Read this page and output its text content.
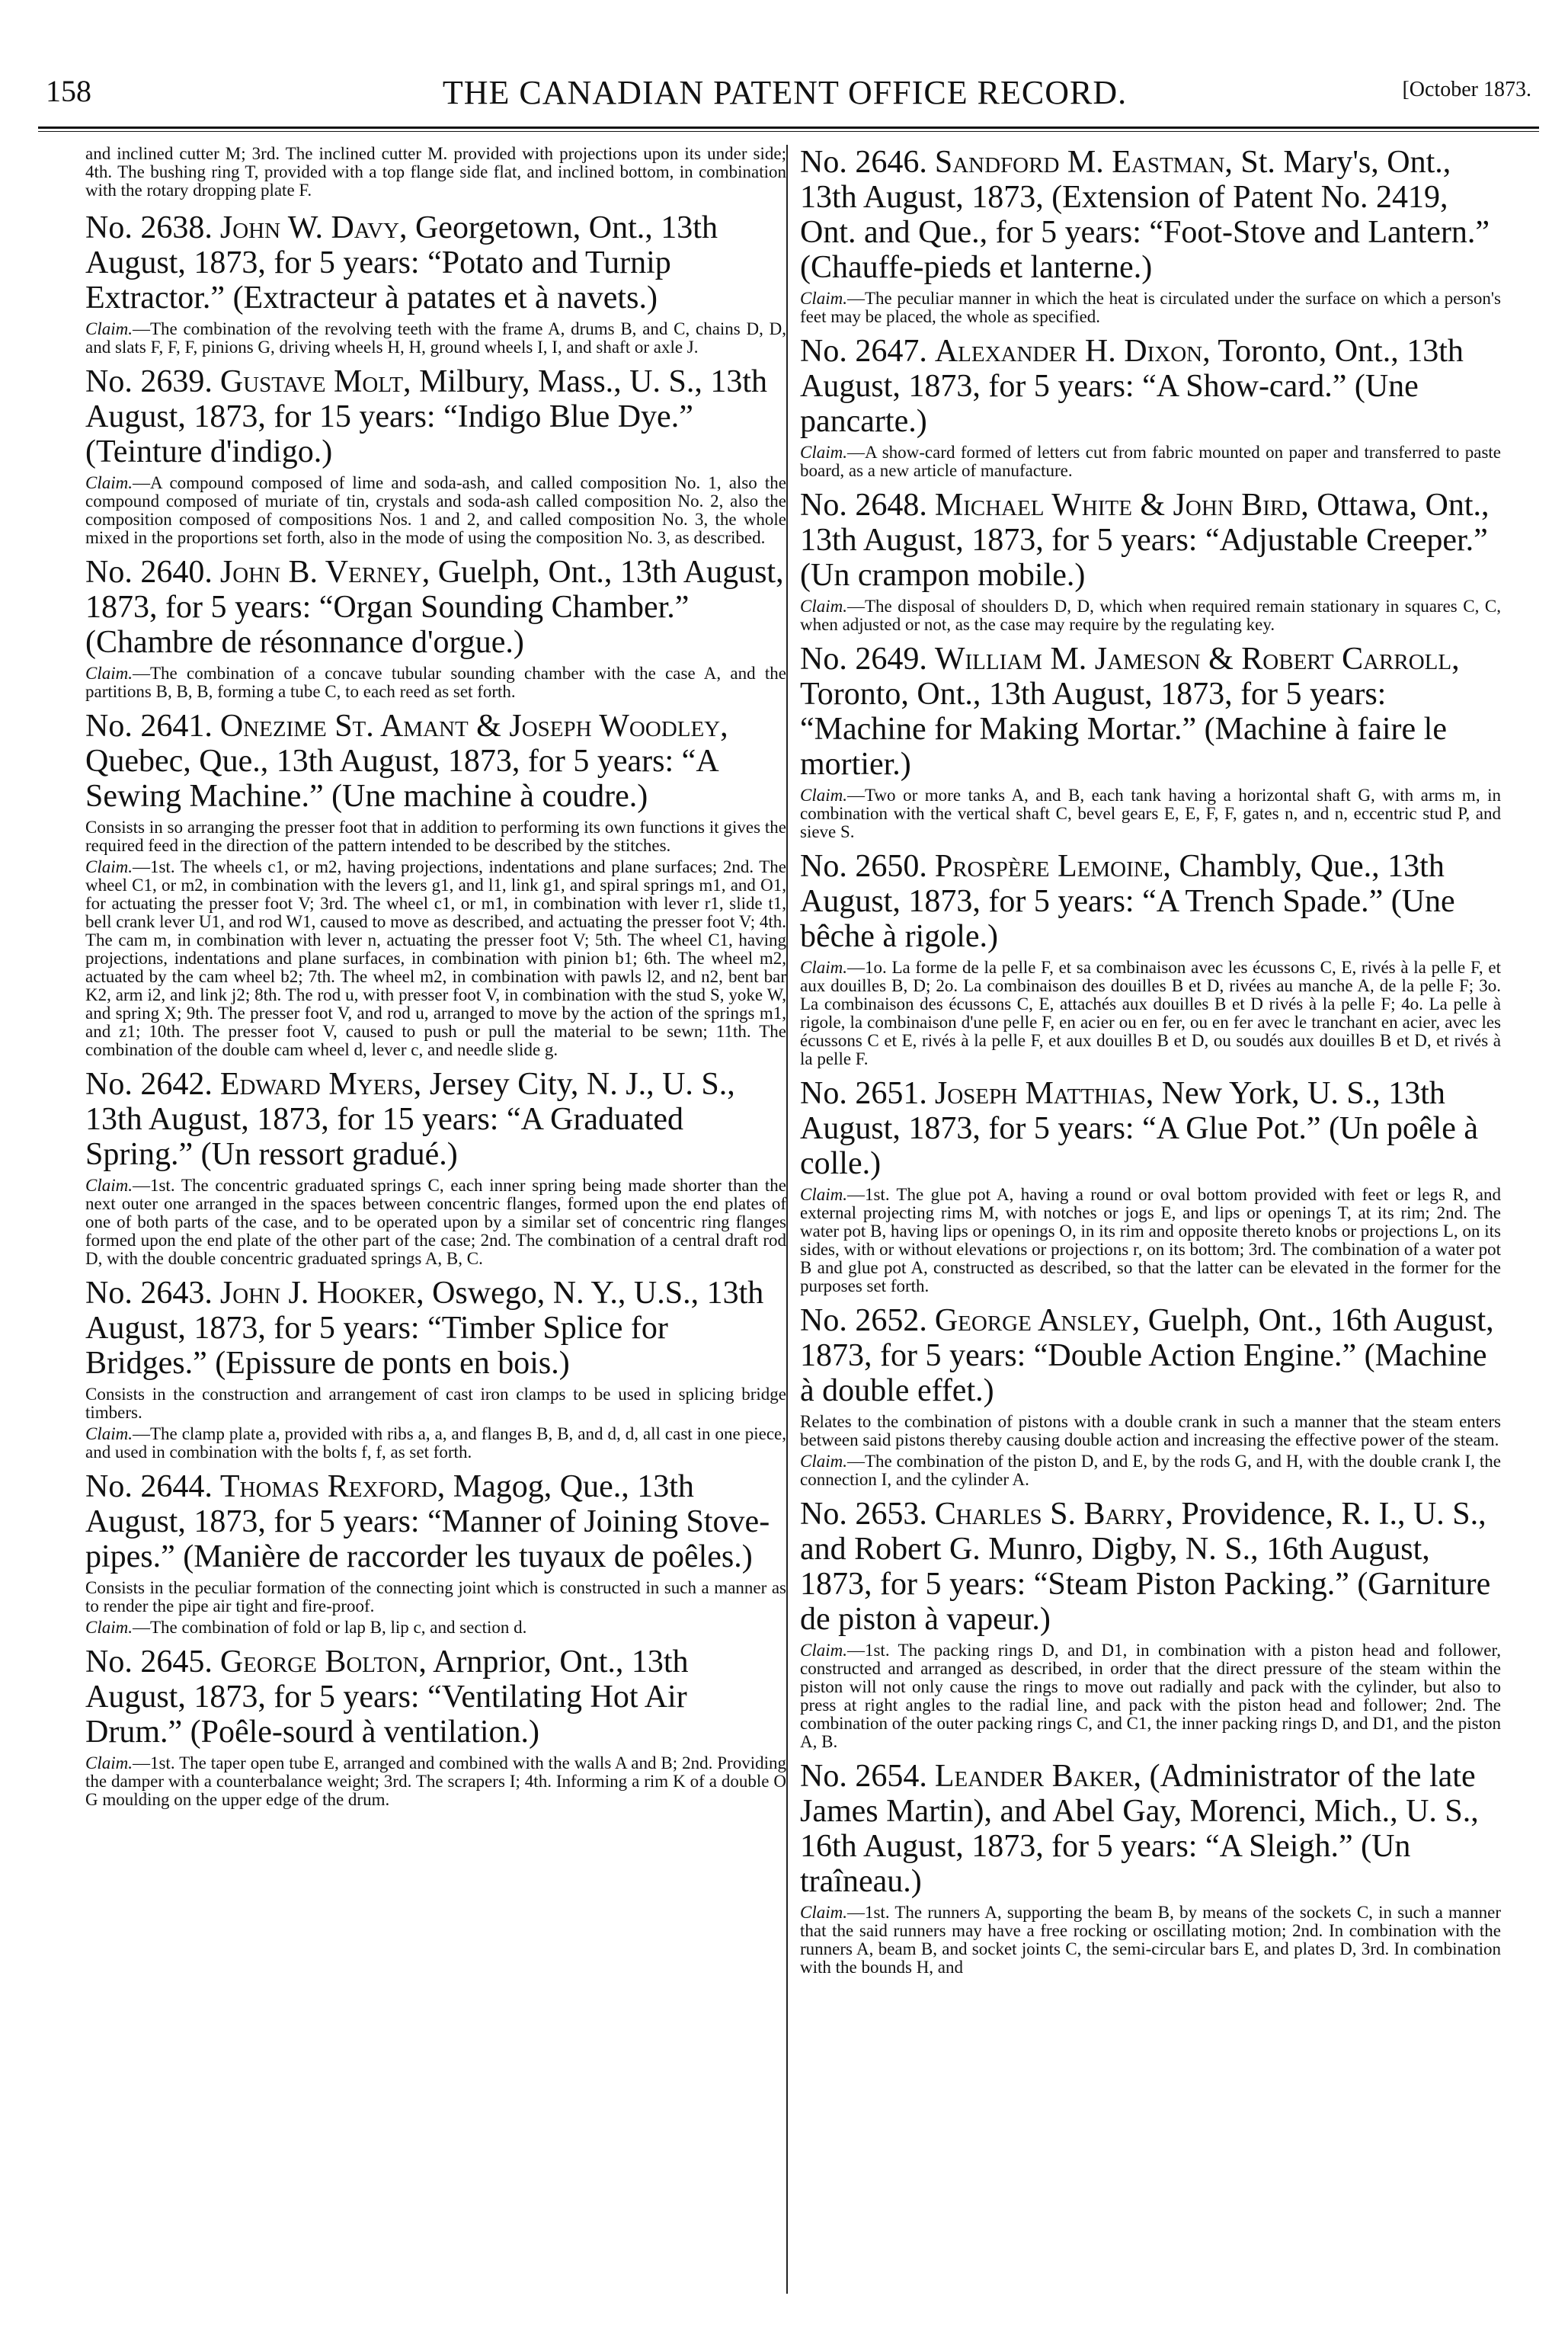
158	THE CANADIAN PATENT OFFICE RECORD.	[October 1873.

and inclined cutter M; 3rd. The inclined cutter M. provided with projections upon its under side; 4th. The bushing ring T, provided with a top flange side flat, and inclined bottom, in combination with the rotary dropping plate F.

No. 2638. John W. Davy, Georgetown, Ont., 13th August, 1873, for 5 years: “Potato and Turnip Extractor.” (Extracteur à patates et à navets.)

Claim.—The combination of the revolving teeth with the frame A, drums B, and C, chains D, D, and slats F, F, F, pinions G, driving wheels H, H, ground wheels I, I, and shaft or axle J.

No. 2639. Gustave Molt, Milbury, Mass., U. S., 13th August, 1873, for 15 years: “Indigo Blue Dye.” (Teinture d'indigo.)

Claim.—A compound composed of lime and soda-ash, and called composition No. 1, also the compound composed of muriate of tin, crystals and soda-ash called composition No. 2, also the composition composed of compositions Nos. 1 and 2, and called composition No. 3, the whole mixed in the proportions set forth, also in the mode of using the composition No. 3, as described.

No. 2640. John B. Verney, Guelph, Ont., 13th August, 1873, for 5 years: “Organ Sounding Chamber.” (Chambre de résonnance d'orgue.)

Claim.—The combination of a concave tubular sounding chamber with the case A, and the partitions B, B, B, forming a tube C, to each reed as set forth.

No. 2641. Onezime St. Amant & Joseph Woodley, Quebec, Que., 13th August, 1873, for 5 years: “A Sewing Machine.” (Une machine à coudre.)

Consists in so arranging the presser foot that in addition to performing its own functions it gives the required feed in the direction of the pattern intended to be described by the stitches.

Claim.—1st. The wheels c1, or m2, having projections, indentations and plane surfaces; 2nd. The wheel C1, or m2, in combination with the levers g1, and l1, link g1, and spiral springs m1, and O1, for actuating the presser foot V; 3rd. The wheel c1, or m1, in combination with lever r1, slide t1, bell crank lever U1, and rod W1, caused to move as described, and actuating the presser foot V; 4th. The cam m, in combination with lever n, actuating the presser foot V; 5th. The wheel C1, having projections, indentations and plane surfaces, in combination with pinion b1; 6th. The wheel m2, actuated by the cam wheel b2; 7th. The wheel m2, in combination with pawls l2, and n2, bent bar K2, arm i2, and link j2; 8th. The rod u, with presser foot V, in combination with the stud S, yoke W, and spring X; 9th. The presser foot V, and rod u, arranged to move by the action of the springs m1, and z1; 10th. The presser foot V, caused to push or pull the material to be sewn; 11th. The combination of the double cam wheel d, lever c, and needle slide g.

No. 2642. Edward Myers, Jersey City, N. J., U. S., 13th August, 1873, for 15 years: “A Graduated Spring.” (Un ressort gradué.)

Claim.—1st. The concentric graduated springs C, each inner spring being made shorter than the next outer one arranged in the spaces between concentric flanges, formed upon the end plates of one of both parts of the case, and to be operated upon by a similar set of concentric ring flanges formed upon the end plate of the other part of the case; 2nd. The combination of a central draft rod D, with the double concentric graduated springs A, B, C.

No. 2643. John J. Hooker, Oswego, N. Y., U.S., 13th August, 1873, for 5 years: “Timber Splice for Bridges.” (Epissure de ponts en bois.)

Consists in the construction and arrangement of cast iron clamps to be used in splicing bridge timbers.

Claim.—The clamp plate a, provided with ribs a, a, and flanges B, B, and d, d, all cast in one piece, and used in combination with the bolts f, f, as set forth.

No. 2644. Thomas Rexford, Magog, Que., 13th August, 1873, for 5 years: “Manner of Joining Stove-pipes.” (Manière de raccorder les tuyaux de poêles.)

Consists in the peculiar formation of the connecting joint which is constructed in such a manner as to render the pipe air tight and fire-proof.

Claim.—The combination of fold or lap B, lip c, and section d.

No. 2645. George Bolton, Arnprior, Ont., 13th August, 1873, for 5 years: “Ventilating Hot Air Drum.” (Poêle-sourd à ventilation.)

Claim.—1st. The taper open tube E, arranged and combined with the walls A and B; 2nd. Providing the damper with a counterbalance weight; 3rd. The scrapers I; 4th. Informing a rim K of a double O G moulding on the upper edge of the drum.

No. 2646. Sandford M. Eastman, St. Mary's, Ont., 13th August, 1873, (Extension of Patent No. 2419, Ont. and Que., for 5 years: “Foot-Stove and Lantern.” (Chauffe-pieds et lanterne.)

Claim.—The peculiar manner in which the heat is circulated under the surface on which a person's feet may be placed, the whole as specified.

No. 2647. Alexander H. Dixon, Toronto, Ont., 13th August, 1873, for 5 years: “A Show-card.” (Une pancarte.)

Claim.—A show-card formed of letters cut from fabric mounted on paper and transferred to paste board, as a new article of manufacture.

No. 2648. Michael White & John Bird, Ottawa, Ont., 13th August, 1873, for 5 years: “Adjustable Creeper.” (Un crampon mobile.)

Claim.—The disposal of shoulders D, D, which when required remain stationary in squares C, C, when adjusted or not, as the case may require by the regulating key.

No. 2649. William M. Jameson & Robert Carroll, Toronto, Ont., 13th August, 1873, for 5 years: “Machine for Making Mortar.” (Machine à faire le mortier.)

Claim.—Two or more tanks A, and B, each tank having a horizontal shaft G, with arms m, in combination with the vertical shaft C, bevel gears E, E, F, F, gates n, and n, eccentric stud P, and sieve S.

No. 2650. Prospère Lemoine, Chambly, Que., 13th August, 1873, for 5 years: “A Trench Spade.” (Une bêche à rigole.)

Claim.—1o. La forme de la pelle F, et sa combinaison avec les écussons C, E, rivés à la pelle F, et aux douilles B, D; 2o. La combinaison des douilles B et D, rivées au manche A, de la pelle F; 3o. La combinaison des écussons C, E, attachés aux douilles B et D rivés à la pelle F; 4o. La pelle à rigole, la combinaison d'une pelle F, en acier ou en fer, ou en fer avec le tranchant en acier, avec les écussons C et E, rivés à la pelle F, et aux douilles B et D, ou soudés aux douilles B et D, et rivés à la pelle F.

No. 2651. Joseph Matthias, New York, U. S., 13th August, 1873, for 5 years: “A Glue Pot.” (Un poêle à colle.)

Claim.—1st. The glue pot A, having a round or oval bottom provided with feet or legs R, and external projecting rims M, with notches or jogs E, and lips or openings T, at its rim; 2nd. The water pot B, having lips or openings O, in its rim and opposite thereto knobs or projections L, on its sides, with or without elevations or projections r, on its bottom; 3rd. The combination of a water pot B and glue pot A, constructed as described, so that the latter can be elevated in the former for the purposes set forth.

No. 2652. George Ansley, Guelph, Ont., 16th August, 1873, for 5 years: “Double Action Engine.” (Machine à double effet.)

Relates to the combination of pistons with a double crank in such a manner that the steam enters between said pistons thereby causing double action and increasing the effective power of the steam.

Claim.—The combination of the piston D, and E, by the rods G, and H, with the double crank I, the connection I, and the cylinder A.

No. 2653. Charles S. Barry, Providence, R. I., U. S., and Robert G. Munro, Digby, N. S., 16th August, 1873, for 5 years: “Steam Piston Packing.” (Garniture de piston à vapeur.)

Claim.—1st. The packing rings D, and D1, in combination with a piston head and follower, constructed and arranged as described, in order that the direct pressure of the steam within the piston will not only cause the rings to move out radially and pack with the cylinder, but also to press at right angles to the radial line, and pack with the piston head and follower; 2nd. The combination of the outer packing rings C, and C1, the inner packing rings D, and D1, and the piston A, B.

No. 2654. Leander Baker, (Administrator of the late James Martin), and Abel Gay, Morenci, Mich., U. S., 16th August, 1873, for 5 years: “A Sleigh.” (Un traîneau.)

Claim.—1st. The runners A, supporting the beam B, by means of the sockets C, in such a manner that the said runners may have a free rocking or oscillating motion; 2nd. In combination with the runners A, beam B, and socket joints C, the semi-circular bars E, and plates D, 3rd. In combination with the bounds H, and
